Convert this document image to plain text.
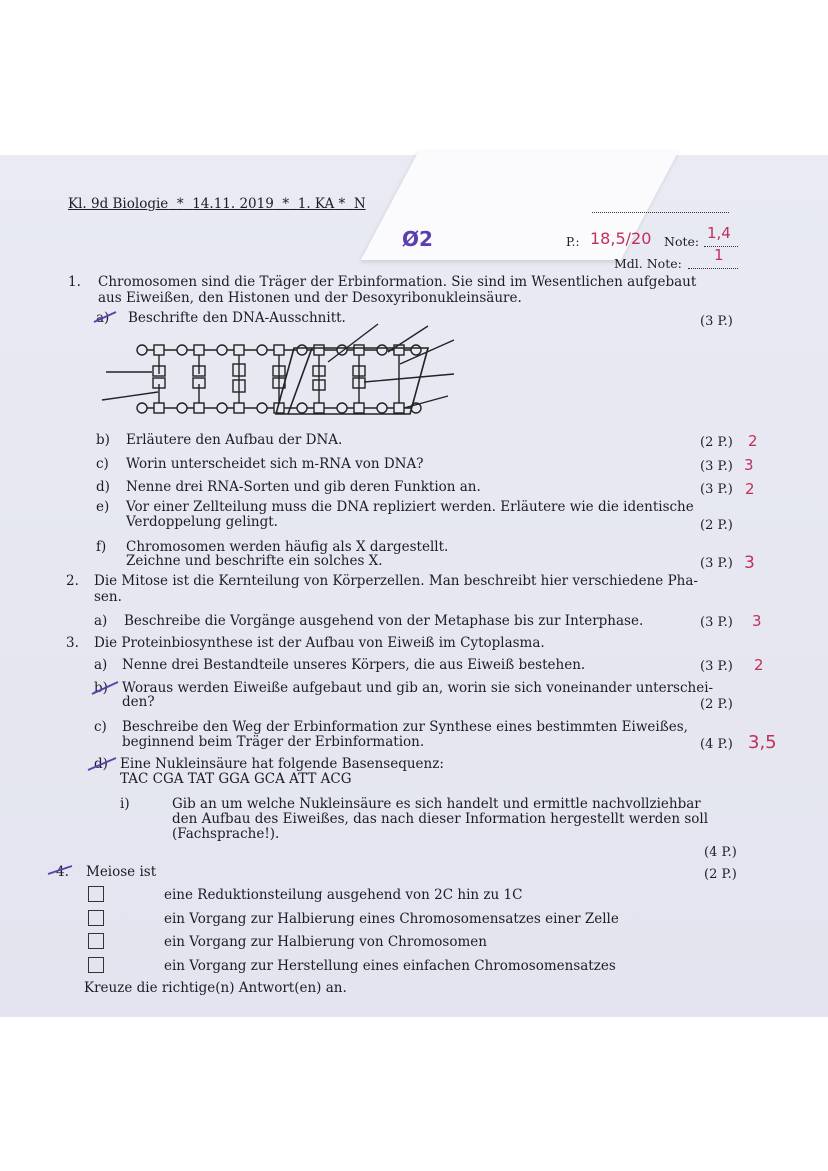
Kl. 9d Biologie * 14.11. 2019 * 1. KA * N
Ø2	P.: 18,5/20 Note: 1,4
Mdl. Note: 1
1. Chromosomen sind die Träger der Erbinformation. Sie sind im Wesentlichen aufgebaut
aus Eiweißen, den Histonen und der Desoxyribonukleinsäure.
a) Beschrifte den DNA-Ausschnitt.	(3 P.)
b) Erläutere den Aufbau der DNA.	(2 P.) 2
c) Worin unterscheidet sich m-RNA von DNA?	(3 P.) 3
d) Nenne drei RNA-Sorten und gib deren Funktion an.	(3 P.) 2
e) Vor einer Zellteilung muss die DNA repliziert werden. Erläutere wie die identische
Verdoppelung gelingt.	(2 P.)
f) Chromosomen werden häufig als X dargestellt.
Zeichne und beschrifte ein solches X.	(3 P.) 3
2. Die Mitose ist die Kernteilung von Körperzellen. Man beschreibt hier verschiedene Pha-
sen.
a) Beschreibe die Vorgänge ausgehend von der Metaphase bis zur Interphase.	(3 P.) 3
3. Die Proteinbiosynthese ist der Aufbau von Eiweiß im Cytoplasma.
a) Nenne drei Bestandteile unseres Körpers, die aus Eiweiß bestehen.	(3 P.) 2
b) Woraus werden Eiweiße aufgebaut und gib an, worin sie sich voneinander unterschei-
den?	(2 P.)
c) Beschreibe den Weg der Erbinformation zur Synthese eines bestimmten Eiweißes,
beginnend beim Träger der Erbinformation.	(4 P.) 3,5
d) Eine Nukleinsäure hat folgende Basensequenz:
TAC CGA TAT GGA GCA ATT ACG
i)	Gib an um welche Nukleinsäure es sich handelt und ermittle nachvollziehbar
den Aufbau des Eiweißes, das nach dieser Information hergestellt werden soll
(Fachsprache!).
(4 P.)
4. Meiose ist	(2 P.)
eine Reduktionsteilung ausgehend von 2C hin zu 1C
ein Vorgang zur Halbierung eines Chromosomensatzes einer Zelle
ein Vorgang zur Halbierung von Chromosomen
ein Vorgang zur Herstellung eines einfachen Chromosomensatzes
Kreuze die richtige(n) Antwort(en) an.
